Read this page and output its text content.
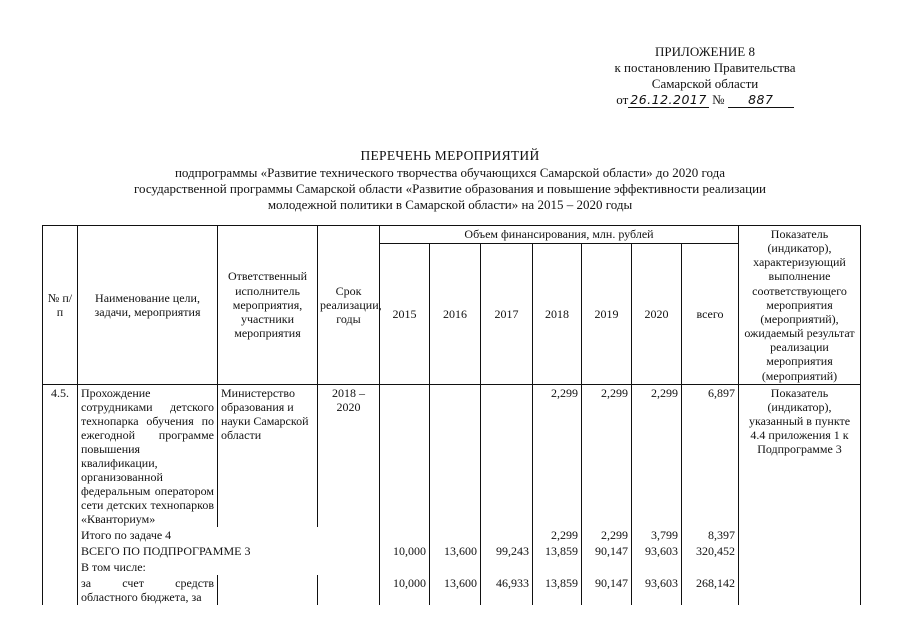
ПРИЛОЖЕНИЕ 8
к постановлению Правительства
Самарской области
от 26.12.2017 № 887
ПЕРЕЧЕНЬ МЕРОПРИЯТИЙ
подпрограммы «Развитие технического творчества обучающихся Самарской области» до 2020 года
государственной программы Самарской области «Развитие образования и повышение эффективности реализации
молодежной политики в Самарской области» на 2015 – 2020 годы
№ п/п	Наименование цели, задачи, мероприятия	Ответственный исполнитель мероприятия, участники мероприятия	Срок реализации, годы	Объем финансирования, млн. рублей							Показатель (индикатор), характеризующий выполнение соответствующего мероприятия (мероприятий), ожидаемый результат реализации мероприятия (мероприятий)
				2015	2016	2017	2018	2019	2020	всего	
4.5.	Прохождение сотрудниками детского технопарка обучения по ежегодной программе повышения квалификации, организованной федеральным оператором сети детских технопарков «Кванториум»	Министерство образования и науки Самарской области	2018 – 2020				2,299	2,299	2,299	6,897	Показатель (индикатор), указанный в пункте 4.4 приложения 1 к Подпрограмме 3
	Итого по задаче 4						2,299	2,299	3,799	8,397	
	ВСЕГО ПО ПОДПРОГРАММЕ 3			10,000	13,600	99,243	13,859	90,147	93,603	320,452	
	В том числе:										
	за счет средств областного бюджета, за			10,000	13,600	46,933	13,859	90,147	93,603	268,142	
